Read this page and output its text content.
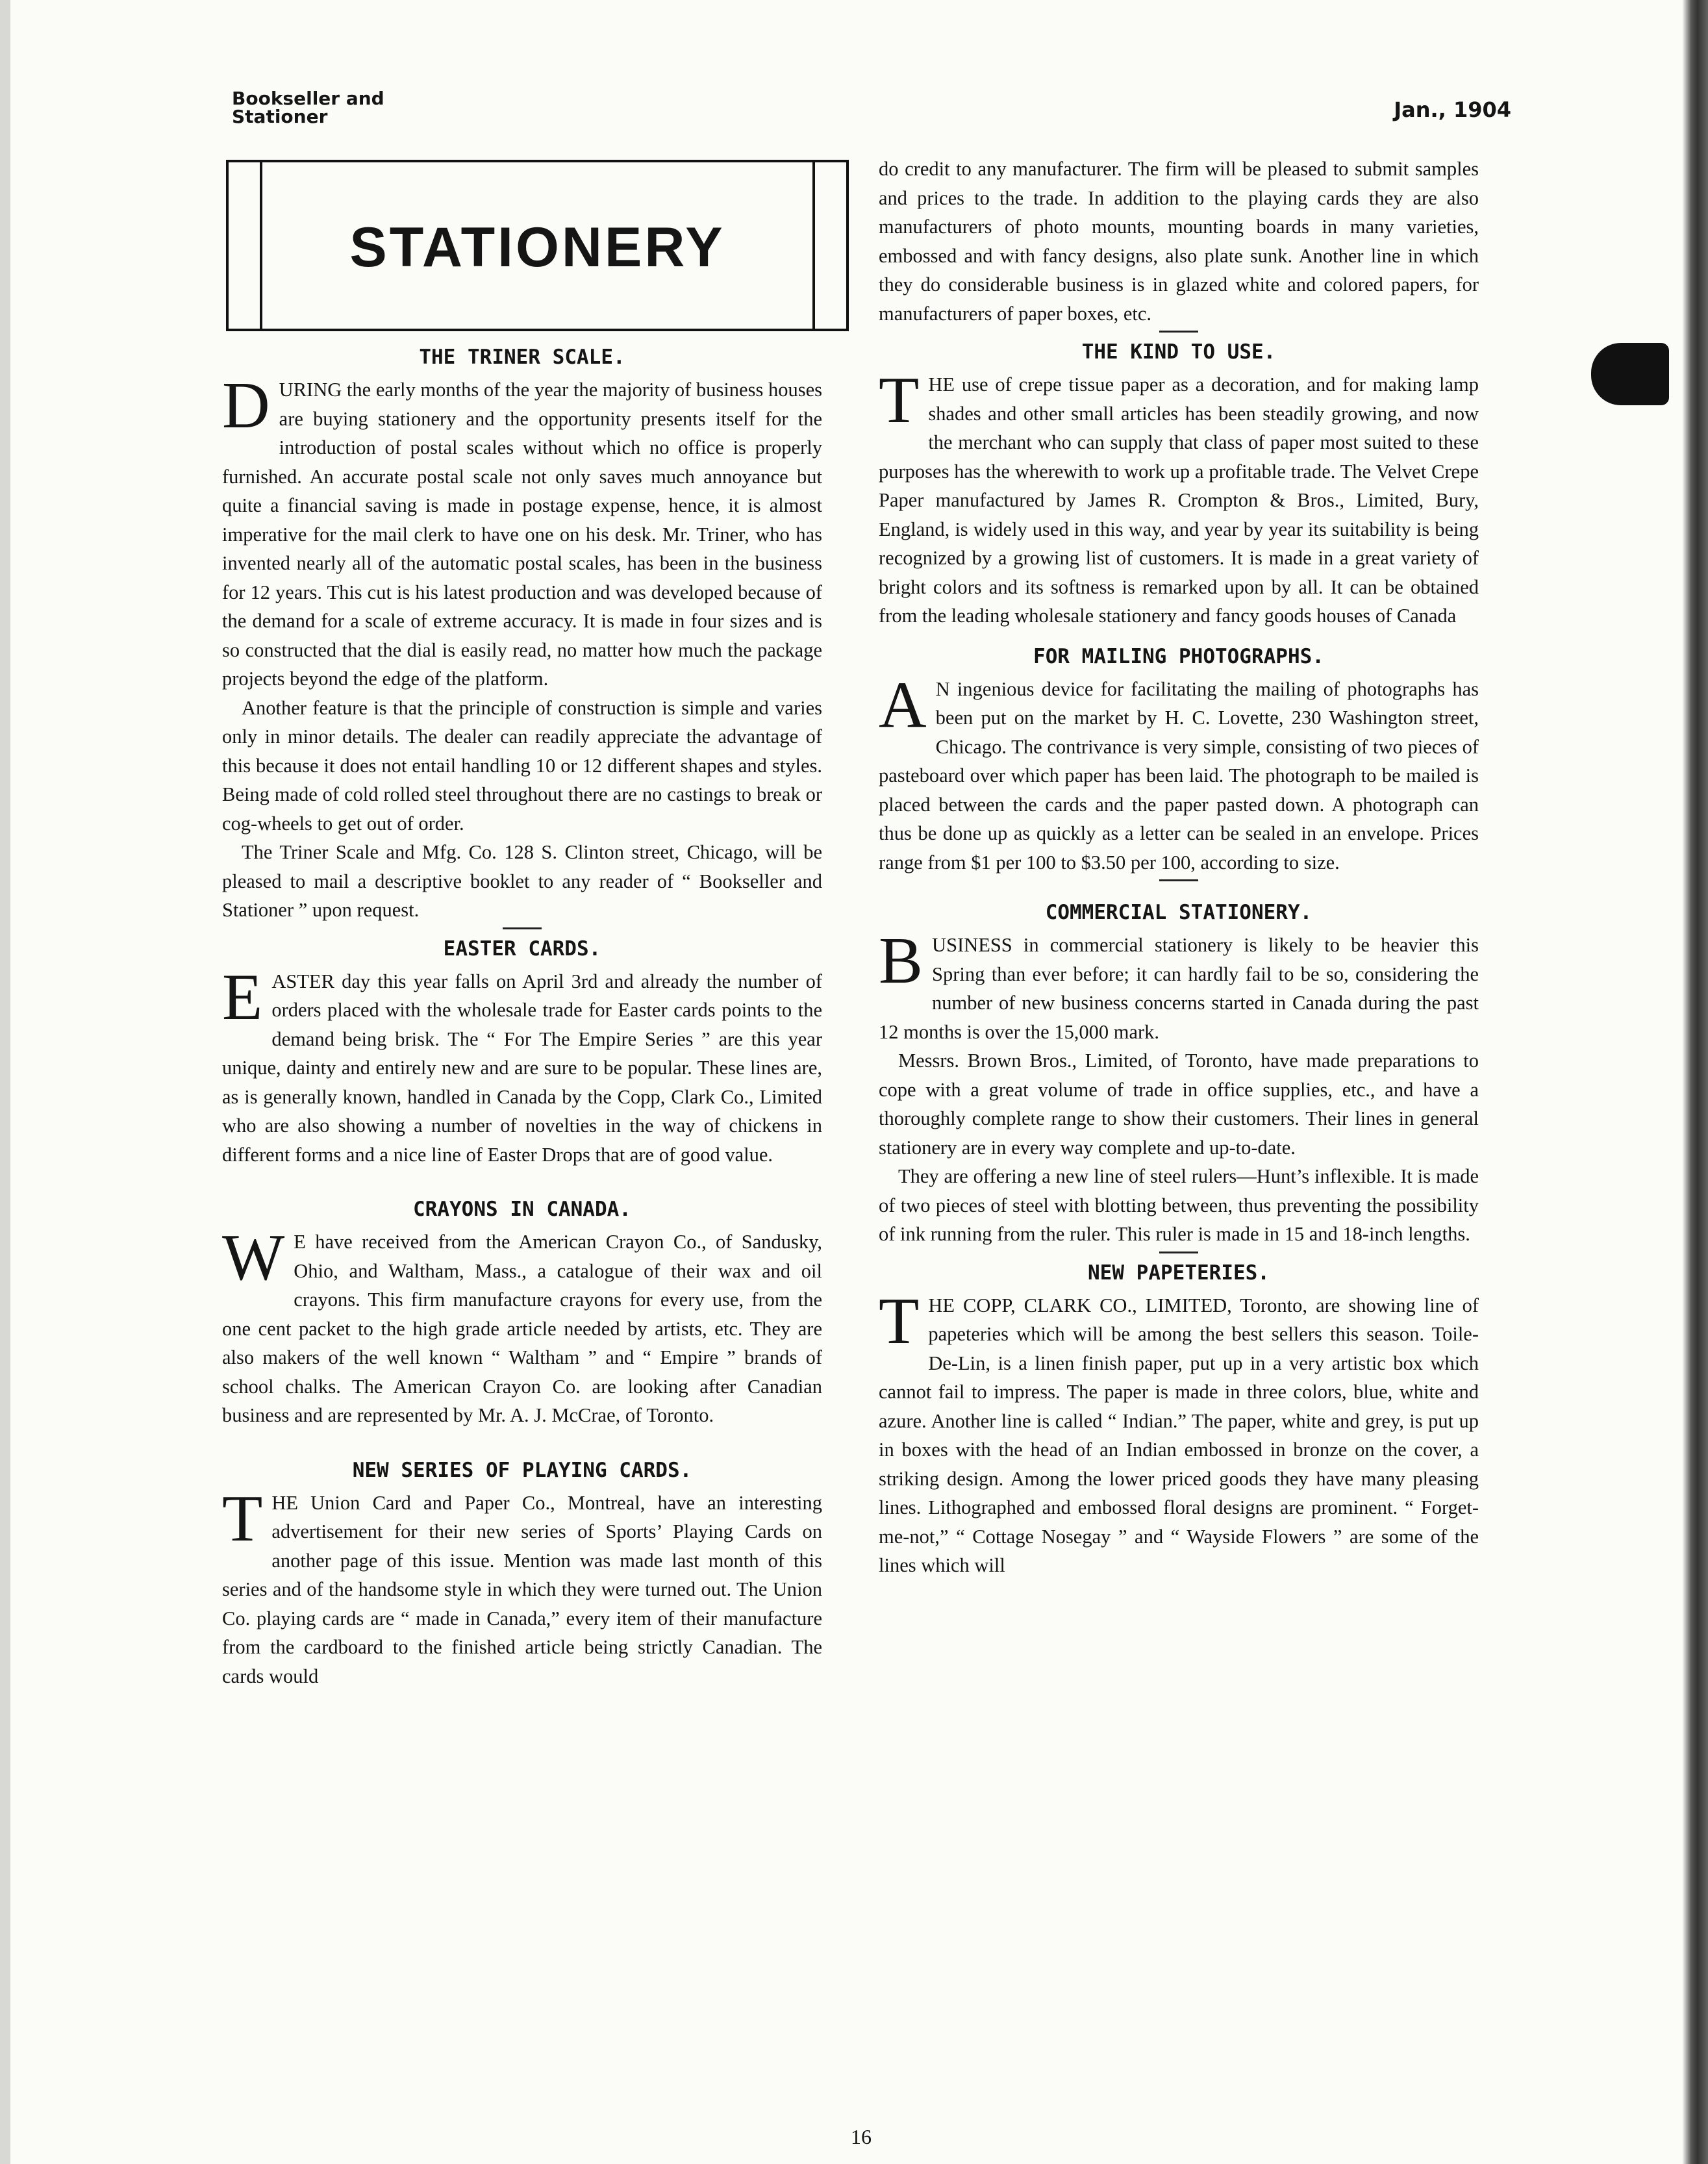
Bookseller and
Stationer	Jan., 1904
STATIONERY
THE TRINER SCALE.

DURING the early months of the year the majority of business houses are buying stationery and the opportunity presents itself for the introduction of postal scales without which no office is properly furnished. An accurate postal scale not only saves much annoyance but quite a financial saving is made in postage expense, hence, it is almost imperative for the mail clerk to have one on his desk. Mr. Triner, who has invented nearly all of the automatic postal scales, has been in the business for 12 years. This cut is his latest production and was developed because of the demand for a scale of extreme accuracy. It is made in four sizes and is so constructed that the dial is easily read, no matter how much the package projects beyond the edge of the platform.

Another feature is that the principle of construction is simple and varies only in minor details. The dealer can readily appreciate the advantage of this because it does not entail handling 10 or 12 different shapes and styles. Being made of cold rolled steel throughout there are no castings to break or cog-wheels to get out of order.

The Triner Scale and Mfg. Co. 128 S. Clinton street, Chicago, will be pleased to mail a descriptive booklet to any reader of “ Bookseller and Stationer ” upon request.

EASTER CARDS.

EASTER day this year falls on April 3rd and already the number of orders placed with the wholesale trade for Easter cards points to the demand being brisk. The “ For The Empire Series ” are this year unique, dainty and entirely new and are sure to be popular. These lines are, as is generally known, handled in Canada by the Copp, Clark Co., Limited who are also showing a number of novelties in the way of chickens in different forms and a nice line of Easter Drops that are of good value.

CRAYONS IN CANADA.

W E have received from the American Crayon Co., of Sandusky, Ohio, and Waltham, Mass., a catalogue of their wax and oil crayons. This firm manufacture crayons for every use, from the one cent packet to the high grade article needed by artists, etc. They are also makers of the well known “ Waltham ” and “ Empire ” brands of school chalks. The American Crayon Co. are looking after Canadian business and are represented by Mr. A. J. McCrae, of Toronto.

NEW SERIES OF PLAYING CARDS.

THE Union Card and Paper Co., Montreal, have an interesting advertisement for their new series of Sports’ Playing Cards on another page of this issue. Mention was made last month of this series and of the handsome style in which they were turned out. The Union Co. playing cards are “ made in Canada,” every item of their manufacture from the cardboard to the finished article being strictly Canadian. The cards would

do credit to any manufacturer. The firm will be pleased to submit samples and prices to the trade. In addition to the playing cards they are also manufacturers of photo mounts, mounting boards in many varieties, embossed and with fancy designs, also plate sunk. Another line in which they do considerable business is in glazed white and colored papers, for manufacturers of paper boxes, etc.

THE KIND TO USE.

THE use of crepe tissue paper as a decoration, and for making lamp shades and other small articles has been steadily growing, and now the merchant who can supply that class of paper most suited to these purposes has the wherewith to work up a profitable trade. The Velvet Crepe Paper manufactured by James R. Crompton & Bros., Limited, Bury, England, is widely used in this way, and year by year its suitability is being recognized by a growing list of customers. It is made in a great variety of bright colors and its softness is remarked upon by all. It can be obtained from the leading wholesale stationery and fancy goods houses of Canada

FOR MAILING PHOTOGRAPHS.

A N ingenious device for facilitating the mailing of photographs has been put on the market by H. C. Lovette, 230 Washington street, Chicago. The contrivance is very simple, consisting of two pieces of pasteboard over which paper has been laid. The photograph to be mailed is placed between the cards and the paper pasted down. A photograph can thus be done up as quickly as a letter can be sealed in an envelope. Prices range from $1 per 100 to $3.50 per 100, according to size.

COMMERCIAL STATIONERY.

BUSINESS in commercial stationery is likely to be heavier this Spring than ever before; it can hardly fail to be so, considering the number of new business concerns started in Canada during the past 12 months is over the 15,000 mark.

Messrs. Brown Bros., Limited, of Toronto, have made preparations to cope with a great volume of trade in office supplies, etc., and have a thoroughly complete range to show their customers. Their lines in general stationery are in every way complete and up-to-date.

They are offering a new line of steel rulers—Hunt’s inflexible. It is made of two pieces of steel with blotting between, thus preventing the possibility of ink running from the ruler. This ruler is made in 15 and 18-inch lengths.

NEW PAPETERIES.

THE COPP, CLARK CO., LIMITED, Toronto, are showing line of papeteries which will be among the best sellers this season. Toile-De-Lin, is a linen finish paper, put up in a very artistic box which cannot fail to impress. The paper is made in three colors, blue, white and azure. Another line is called “ Indian.” The paper, white and grey, is put up in boxes with the head of an Indian embossed in bronze on the cover, a striking design. Among the lower priced goods they have many pleasing lines. Lithographed and embossed floral designs are prominent. “ Forget-me-not,” “ Cottage Nosegay ” and “ Wayside Flowers ” are some of the lines which will

16
